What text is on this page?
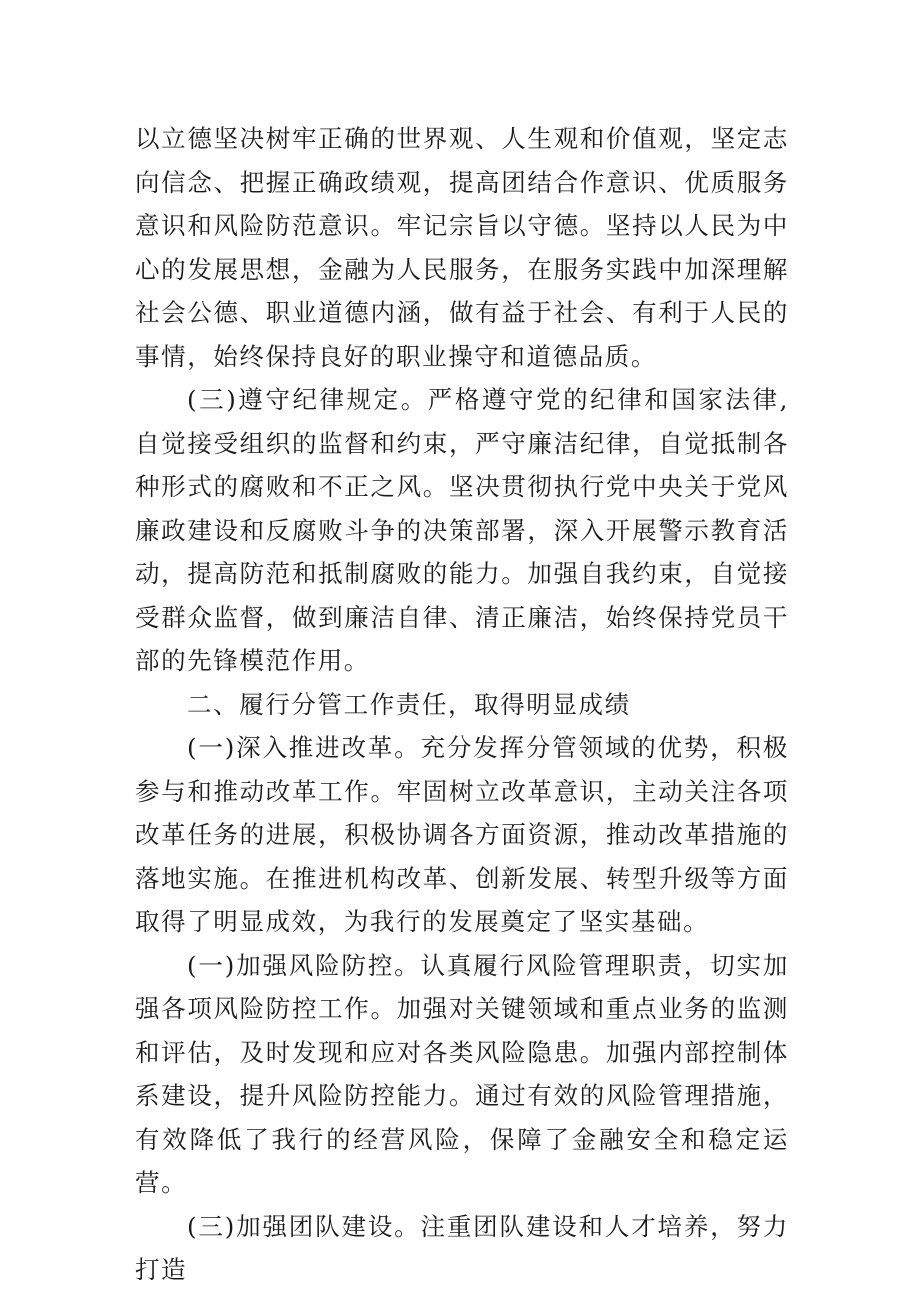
以立德坚决树牢正确的世界观、人生观和价值观，坚定志向信念、把握正确政绩观，提高团结合作意识、优质服务意识和风险防范意识。牢记宗旨以守德。坚持以人民为中心的发展思想，金融为人民服务，在服务实践中加深理解社会公德、职业道德内涵，做有益于社会、有利于人民的事情，始终保持良好的职业操守和道德品质。

(三)遵守纪律规定。严格遵守党的纪律和国家法律,自觉接受组织的监督和约束，严守廉洁纪律，自觉抵制各种形式的腐败和不正之风。坚决贯彻执行党中央关于党风廉政建设和反腐败斗争的决策部署，深入开展警示教育活动，提高防范和抵制腐败的能力。加强自我约束，自觉接受群众监督，做到廉洁自律、清正廉洁，始终保持党员干部的先锋模范作用。

二、履行分管工作责任，取得明显成绩

(一)深入推进改革。充分发挥分管领域的优势，积极参与和推动改革工作。牢固树立改革意识，主动关注各项改革任务的进展，积极协调各方面资源，推动改革措施的落地实施。在推进机构改革、创新发展、转型升级等方面取得了明显成效，为我行的发展奠定了坚实基础。

(一)加强风险防控。认真履行风险管理职责，切实加强各项风险防控工作。加强对关键领域和重点业务的监测和评估，及时发现和应对各类风险隐患。加强内部控制体系建设，提升风险防控能力。通过有效的风险管理措施，有效降低了我行的经营风险，保障了金融安全和稳定运营。

(三)加强团队建设。注重团队建设和人才培养，努力打造
